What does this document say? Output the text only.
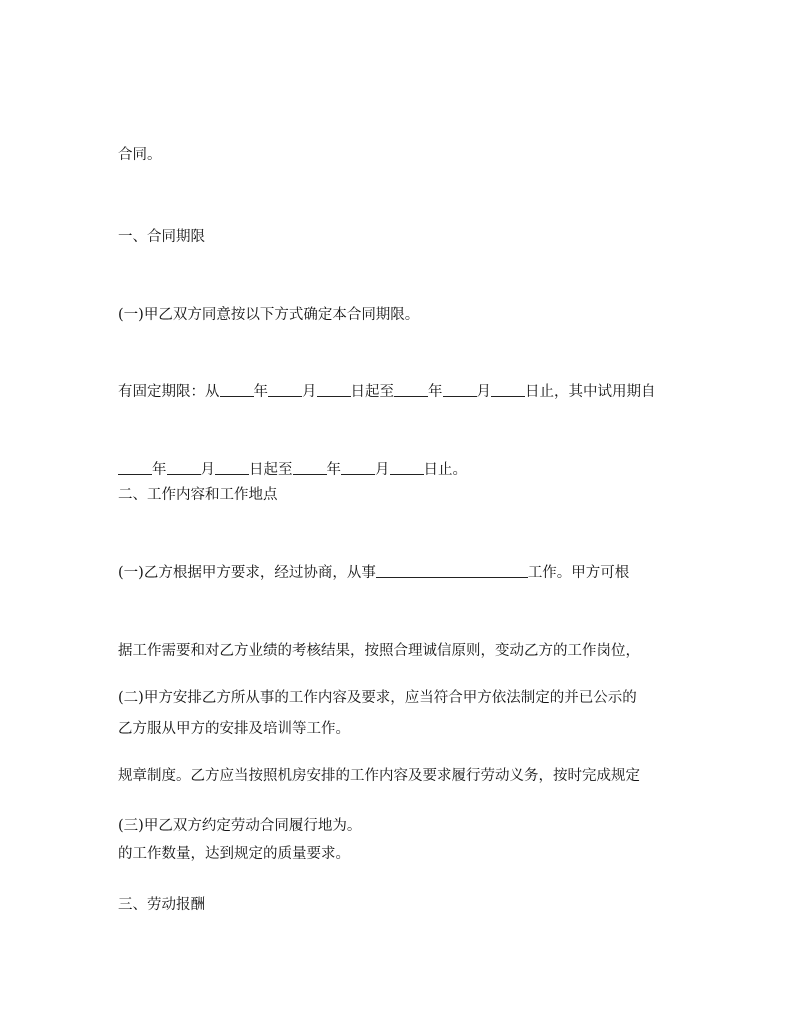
合同。

一、合同期限

(一)甲乙双方同意按以下方式确定本合同期限。

有固定期限：从 年 月 日起至 年 月 日止，其中试用期自

年 月 日起至 年 月 日止。

二、工作内容和工作地点

(一)乙方根据甲方要求，经过协商，从事	工作。甲方可根

据工作需要和对乙方业绩的考核结果，按照合理诚信原则，变动乙方的工作岗位，

乙方服从甲方的安排及培训等工作。

(二)甲方安排乙方所从事的工作内容及要求，应当符合甲方依法制定的并已公示的

规章制度。乙方应当按照机房安排的工作内容及要求履行劳动义务，按时完成规定

的工作数量，达到规定的质量要求。

(三)甲乙双方约定劳动合同履行地为。

三、劳动报酬
